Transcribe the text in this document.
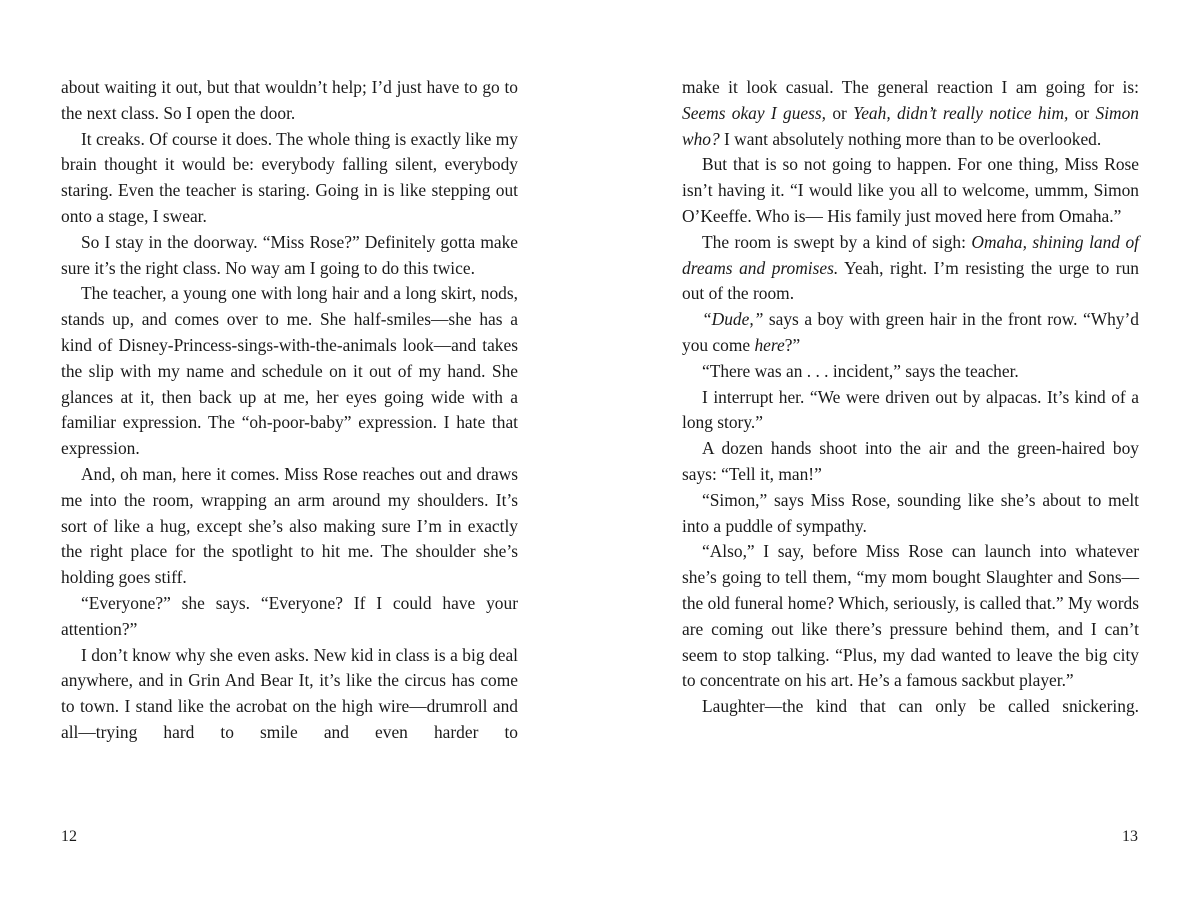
about waiting it out, but that wouldn’t help; I’d just have to go to the next class. So I open the door.

It creaks. Of course it does. The whole thing is exactly like my brain thought it would be: everybody falling silent, everybody staring. Even the teacher is staring. Going in is like stepping out onto a stage, I swear.

So I stay in the doorway. “Miss Rose?” Definitely gotta make sure it’s the right class. No way am I going to do this twice.

The teacher, a young one with long hair and a long skirt, nods, stands up, and comes over to me. She half-smiles—she has a kind of Disney-Princess-sings-with-the-animals look—and takes the slip with my name and schedule on it out of my hand. She glances at it, then back up at me, her eyes going wide with a familiar expression. The “oh-poor-baby” expression. I hate that expression.

And, oh man, here it comes. Miss Rose reaches out and draws me into the room, wrapping an arm around my shoulders. It’s sort of like a hug, except she’s also making sure I’m in exactly the right place for the spotlight to hit me. The shoulder she’s holding goes stiff.

“Everyone?” she says. “Everyone? If I could have your attention?”

I don’t know why she even asks. New kid in class is a big deal anywhere, and in Grin And Bear It, it’s like the circus has come to town. I stand like the acrobat on the high wire—drumroll and all—trying hard to smile and even harder to

make it look casual. The general reaction I am going for is: Seems okay I guess, or Yeah, didn’t really notice him, or Simon who? I want absolutely nothing more than to be overlooked.

But that is so not going to happen. For one thing, Miss Rose isn’t having it. “I would like you all to welcome, ummm, Simon O’Keeffe. Who is— His family just moved here from Omaha.”

The room is swept by a kind of sigh: Omaha, shining land of dreams and promises. Yeah, right. I’m resisting the urge to run out of the room.

“Dude,” says a boy with green hair in the front row. “Why’d you come here?”

“There was an . . . incident,” says the teacher.

I interrupt her. “We were driven out by alpacas. It’s kind of a long story.”

A dozen hands shoot into the air and the green-haired boy says: “Tell it, man!”

“Simon,” says Miss Rose, sounding like she’s about to melt into a puddle of sympathy.

“Also,” I say, before Miss Rose can launch into whatever she’s going to tell them, “my mom bought Slaughter and Sons—the old funeral home? Which, seriously, is called that.” My words are coming out like there’s pressure behind them, and I can’t seem to stop talking. “Plus, my dad wanted to leave the big city to concentrate on his art. He’s a famous sackbut player.”

Laughter—the kind that can only be called snickering.

12	13
